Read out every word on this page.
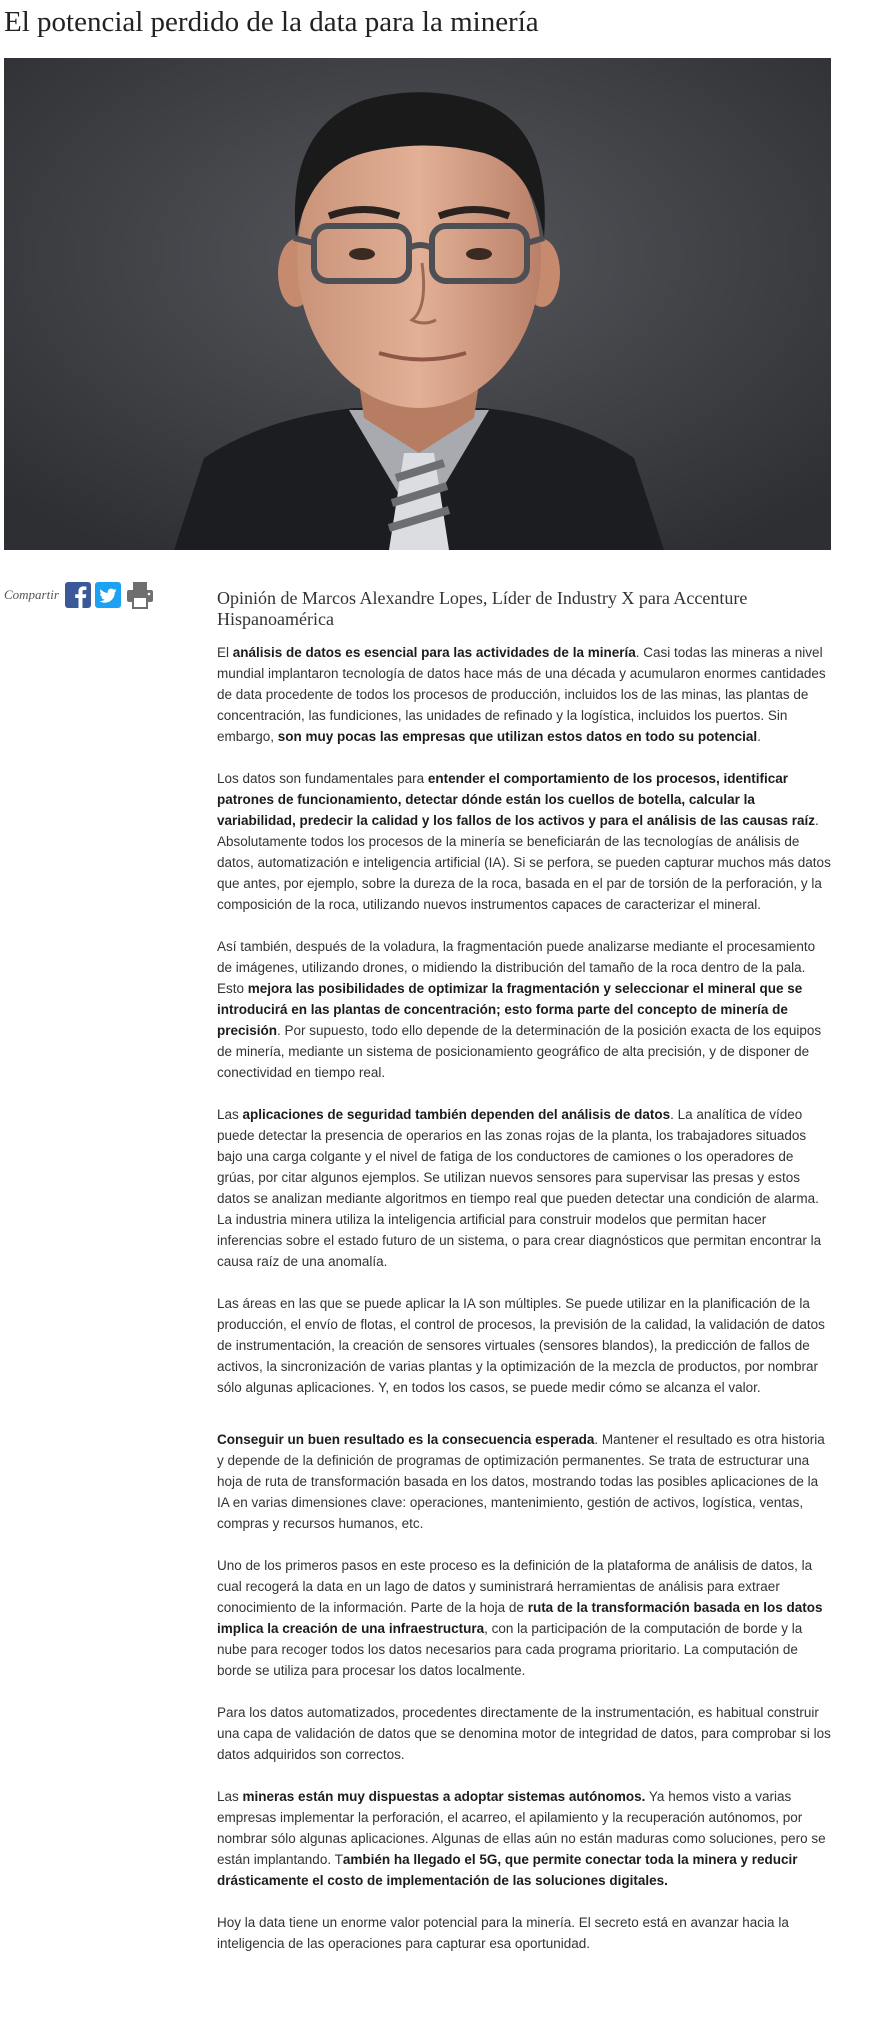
El potencial perdido de la data para la minería
Compartir	Opinión de Marcos Alexandre Lopes, Líder de Industry X para Accenture Hispanoamérica

El análisis de datos es esencial para las actividades de la minería. Casi todas las mineras a nivel mundial implantaron tecnología de datos hace más de una década y acumularon enormes cantidades de data procedente de todos los procesos de producción, incluidos los de las minas, las plantas de concentración, las fundiciones, las unidades de refinado y la logística, incluidos los puertos. Sin embargo, son muy pocas las empresas que utilizan estos datos en todo su potencial.

Los datos son fundamentales para entender el comportamiento de los procesos, identificar patrones de funcionamiento, detectar dónde están los cuellos de botella, calcular la variabilidad, predecir la calidad y los fallos de los activos y para el análisis de las causas raíz. Absolutamente todos los procesos de la minería se beneficiarán de las tecnologías de análisis de datos, automatización e inteligencia artificial (IA). Si se perfora, se pueden capturar muchos más datos que antes, por ejemplo, sobre la dureza de la roca, basada en el par de torsión de la perforación, y la composición de la roca, utilizando nuevos instrumentos capaces de caracterizar el mineral.

Así también, después de la voladura, la fragmentación puede analizarse mediante el procesamiento de imágenes, utilizando drones, o midiendo la distribución del tamaño de la roca dentro de la pala. Esto mejora las posibilidades de optimizar la fragmentación y seleccionar el mineral que se introducirá en las plantas de concentración; esto forma parte del concepto de minería de precisión. Por supuesto, todo ello depende de la determinación de la posición exacta de los equipos de minería, mediante un sistema de posicionamiento geográfico de alta precisión, y de disponer de conectividad en tiempo real.

Las aplicaciones de seguridad también dependen del análisis de datos. La analítica de vídeo puede detectar la presencia de operarios en las zonas rojas de la planta, los trabajadores situados bajo una carga colgante y el nivel de fatiga de los conductores de camiones o los operadores de grúas, por citar algunos ejemplos. Se utilizan nuevos sensores para supervisar las presas y estos datos se analizan mediante algoritmos en tiempo real que pueden detectar una condición de alarma. La industria minera utiliza la inteligencia artificial para construir modelos que permitan hacer inferencias sobre el estado futuro de un sistema, o para crear diagnósticos que permitan encontrar la causa raíz de una anomalía.

Las áreas en las que se puede aplicar la IA son múltiples. Se puede utilizar en la planificación de la producción, el envío de flotas, el control de procesos, la previsión de la calidad, la validación de datos de instrumentación, la creación de sensores virtuales (sensores blandos), la predicción de fallos de activos, la sincronización de varias plantas y la optimización de la mezcla de productos, por nombrar sólo algunas aplicaciones. Y, en todos los casos, se puede medir cómo se alcanza el valor.

Conseguir un buen resultado es la consecuencia esperada. Mantener el resultado es otra historia y depende de la definición de programas de optimización permanentes. Se trata de estructurar una hoja de ruta de transformación basada en los datos, mostrando todas las posibles aplicaciones de la IA en varias dimensiones clave: operaciones, mantenimiento, gestión de activos, logística, ventas, compras y recursos humanos, etc.

Uno de los primeros pasos en este proceso es la definición de la plataforma de análisis de datos, la cual recogerá la data en un lago de datos y suministrará herramientas de análisis para extraer conocimiento de la información. Parte de la hoja de ruta de la transformación basada en los datos implica la creación de una infraestructura, con la participación de la computación de borde y la nube para recoger todos los datos necesarios para cada programa prioritario. La computación de borde se utiliza para procesar los datos localmente.

Para los datos automatizados, procedentes directamente de la instrumentación, es habitual construir una capa de validación de datos que se denomina motor de integridad de datos, para comprobar si los datos adquiridos son correctos.

Las mineras están muy dispuestas a adoptar sistemas autónomos. Ya hemos visto a varias empresas implementar la perforación, el acarreo, el apilamiento y la recuperación autónomos, por nombrar sólo algunas aplicaciones. Algunas de ellas aún no están maduras como soluciones, pero se están implantando. También ha llegado el 5G, que permite conectar toda la minera y reducir drásticamente el costo de implementación de las soluciones digitales.

Hoy la data tiene un enorme valor potencial para la minería. El secreto está en avanzar hacia la inteligencia de las operaciones para capturar esa oportunidad.
